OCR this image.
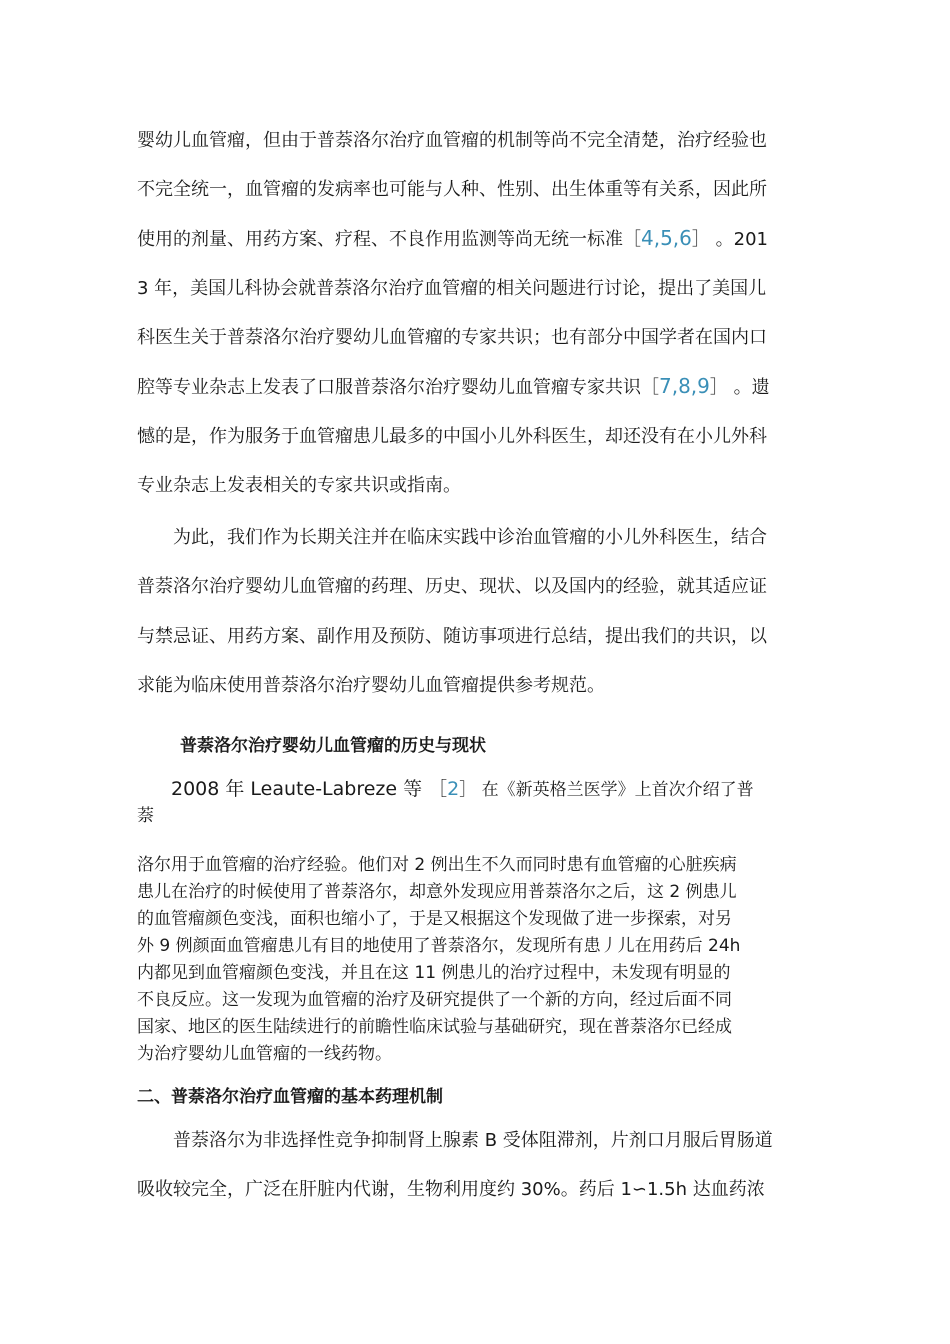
婴幼儿血管瘤，但由于普萘洛尔治疗血管瘤的机制等尚不完全清楚，治疗经验也

不完全统一，血管瘤的发病率也可能与人种、性别、出生体重等有关系，因此所

使用的剂量、用药方案、疗程、不良作用监测等尚无统一标准［4,5,6］ 。201

3 年，美国儿科协会就普萘洛尔治疗血管瘤的相关问题进行讨论，提出了美国儿

科医生关于普萘洛尔治疗婴幼儿血管瘤的专家共识；也有部分中国学者在国内口

腔等专业杂志上发表了口服普萘洛尔治疗婴幼儿血管瘤专家共识［7,8,9］ 。遗

憾的是，作为服务于血管瘤患儿最多的中国小儿外科医生，却还没有在小儿外科

专业杂志上发表相关的专家共识或指南。

为此，我们作为长期关注并在临床实践中诊治血管瘤的小儿外科医生，结合

普萘洛尔治疗婴幼儿血管瘤的药理、历史、现状、以及国内的经验，就其适应证

与禁忌证、用药方案、副作用及预防、随访事项进行总结，提出我们的共识，以

求能为临床使用普萘洛尔治疗婴幼儿血管瘤提供参考规范。

普萘洛尔治疗婴幼儿血管瘤的历史与现状

2008 年 Leaute-Labreze 等 ［2］ 在《新英格兰医学》上首次介绍了普

萘

洛尔用于血管瘤的治疗经验。他们对 2 例出生不久而同时患有血管瘤的心脏疾病
患儿在治疗的时候使用了普萘洛尔，却意外发现应用普萘洛尔之后，这 2 例患儿
的血管瘤颜色变浅，面积也缩小了，于是又根据这个发现做了进一步探索，对另
外 9 例颜面血管瘤患儿有目的地使用了普萘洛尔，发现所有患丿儿在用药后 24h
内都见到血管瘤颜色变浅，并且在这 11 例患儿的治疗过程中，未发现有明显的
不良反应。这一发现为血管瘤的治疗及研究提供了一个新的方向，经过后面不同
国家、地区的医生陆续进行的前瞻性临床试验与基础研究，现在普萘洛尔已经成
为治疗婴幼儿血管瘤的一线药物。
二、普萘洛尔治疗血管瘤的基本药理机制

普萘洛尔为非选择性竞争抑制肾上腺素 B 受体阻滞剂，片剂口月服后胃肠道

吸收较完全，广泛在肝脏内代谢，生物利用度约 30%。药后 1∽1.5h 达血药浓
